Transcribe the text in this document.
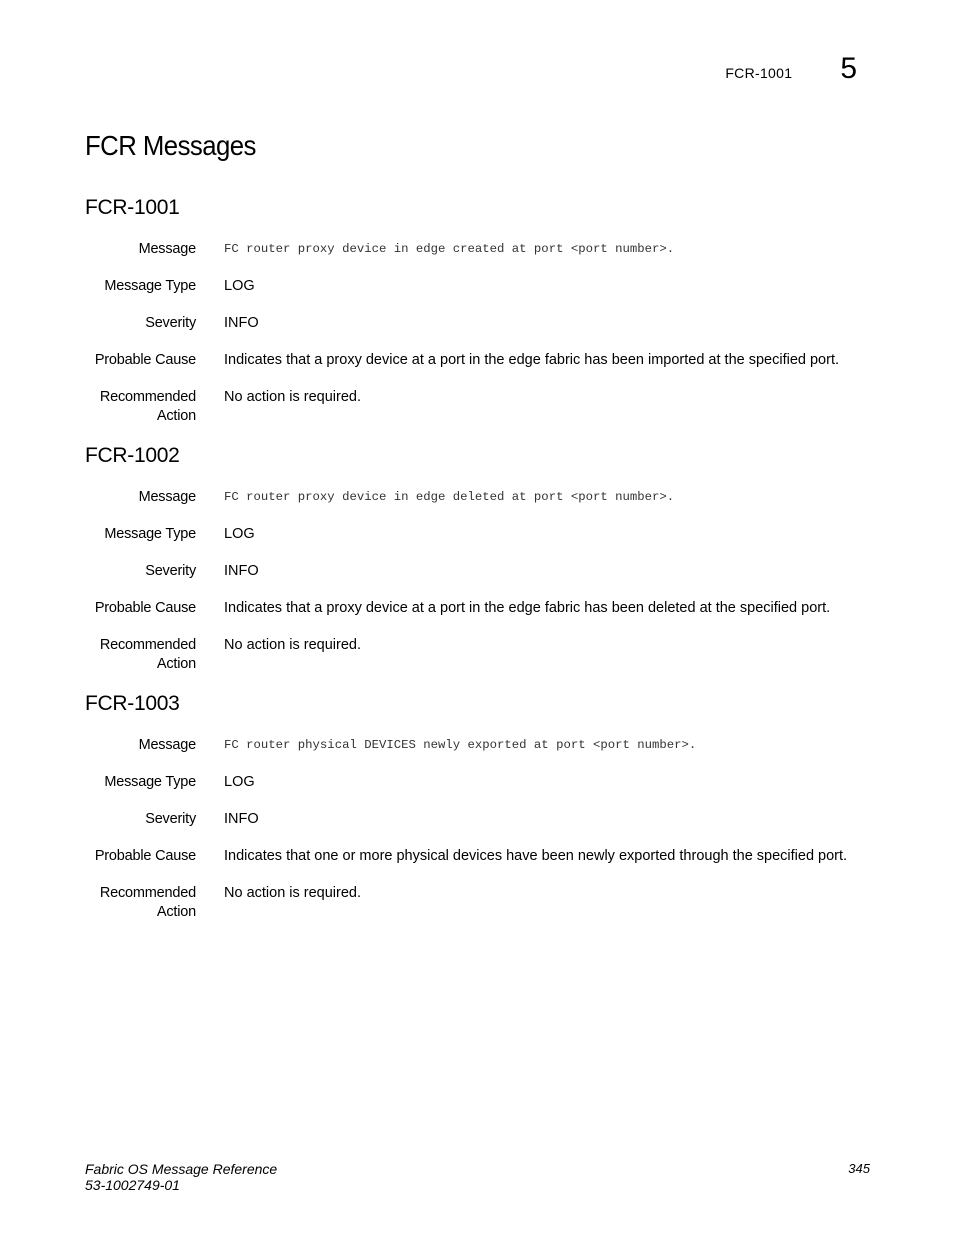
FCR-1001 5
FCR Messages
FCR-1001
Message FC router proxy device in edge created at port <port number>.
Message Type LOG
Severity INFO
Probable Cause Indicates that a proxy device at a port in the edge fabric has been imported at the specified port.
Recommended
Action
No action is required.
FCR-1002
Message FC router proxy device in edge deleted at port <port number>.
Message Type LOG
Severity INFO
Probable Cause Indicates that a proxy device at a port in the edge fabric has been deleted at the specified port.
Recommended
Action
No action is required.
FCR-1003
Message FC router physical DEVICES newly exported at port <port number>.
Message Type LOG
Severity INFO
Probable Cause Indicates that one or more physical devices have been newly exported through the specified port.
Recommended
Action
No action is required.
Fabric OS Message Reference
53-1002749-01
345
